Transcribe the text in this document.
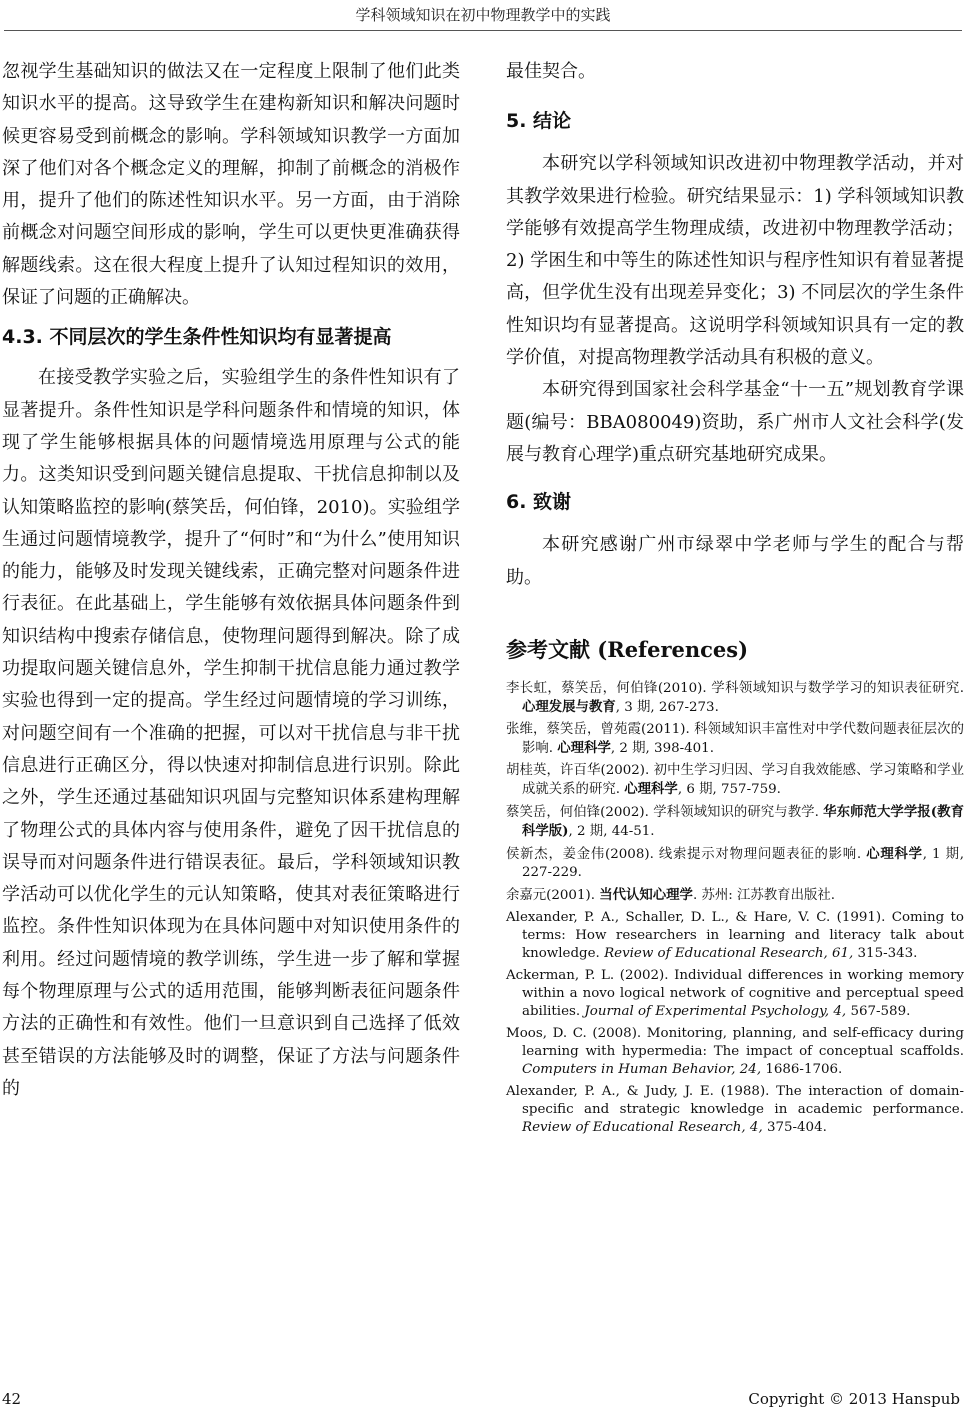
学科领域知识在初中物理教学中的实践

忽视学生基础知识的做法又在一定程度上限制了他们此类知识水平的提高。这导致学生在建构新知识和解决问题时候更容易受到前概念的影响。学科领域知识教学一方面加深了他们对各个概念定义的理解，抑制了前概念的消极作用，提升了他们的陈述性知识水平。另一方面，由于消除前概念对问题空间形成的影响，学生可以更快更准确获得解题线索。这在很大程度上提升了认知过程知识的效用，保证了问题的正确解决。

4.3. 不同层次的学生条件性知识均有显著提高

在接受教学实验之后，实验组学生的条件性知识有了显著提升。条件性知识是学科问题条件和情境的知识，体现了学生能够根据具体的问题情境选用原理与公式的能力。这类知识受到问题关键信息提取、干扰信息抑制以及认知策略监控的影响(蔡笑岳，何伯锋，2010)。实验组学生通过问题情境教学，提升了“何时”和“为什么”使用知识的能力，能够及时发现关键线索，正确完整对问题条件进行表征。在此基础上，学生能够有效依据具体问题条件到知识结构中搜索存储信息，使物理问题得到解决。除了成功提取问题关键信息外，学生抑制干扰信息能力通过教学实验也得到一定的提高。学生经过问题情境的学习训练，对问题空间有一个准确的把握，可以对干扰信息与非干扰信息进行正确区分，得以快速对抑制信息进行识别。除此之外，学生还通过基础知识巩固与完整知识体系建构理解了物理公式的具体内容与使用条件，避免了因干扰信息的误导而对问题条件进行错误表征。最后，学科领域知识教学活动可以优化学生的元认知策略，使其对表征策略进行监控。条件性知识体现为在具体问题中对知识使用条件的利用。经过问题情境的教学训练，学生进一步了解和掌握每个物理原理与公式的适用范围，能够判断表征问题条件方法的正确性和有效性。他们一旦意识到自己选择了低效甚至错误的方法能够及时的调整，保证了方法与问题条件的

最佳契合。

5. 结论

本研究以学科领域知识改进初中物理教学活动，并对其教学效果进行检验。研究结果显示：1) 学科领域知识教学能够有效提高学生物理成绩，改进初中物理教学活动；2) 学困生和中等生的陈述性知识与程序性知识有着显著提高，但学优生没有出现差异变化；3) 不同层次的学生条件性知识均有显著提高。这说明学科领域知识具有一定的教学价值，对提高物理教学活动具有积极的意义。

本研究得到国家社会科学基金“十一五”规划教育学课题(编号：BBA080049)资助，系广州市人文社会科学(发展与教育心理学)重点研究基地研究成果。

6. 致谢

本研究感谢广州市绿翠中学老师与学生的配合与帮助。

参考文献 (References)

李长虹，蔡笑岳，何伯锋(2010). 学科领域知识与数学学习的知识表征研究. 心理发展与教育, 3 期, 267-273.

张维，蔡笑岳，曾苑霞(2011). 科领域知识丰富性对中学代数问题表征层次的影响. 心理科学, 2 期, 398-401.

胡桂英，许百华(2002). 初中生学习归因、学习自我效能感、学习策略和学业成就关系的研究. 心理科学, 6 期, 757-759.

蔡笑岳，何伯锋(2002). 学科领域知识的研究与教学. 华东师范大学学报(教育科学版), 2 期, 44-51.

侯新杰，姜金伟(2008). 线索提示对物理问题表征的影响. 心理科学, 1 期, 227-229.

余嘉元(2001). 当代认知心理学. 苏州: 江苏教育出版社.

Alexander, P. A., Schaller, D. L., & Hare, V. C. (1991). Coming to terms: How researchers in learning and literacy talk about knowledge. Review of Educational Research, 61, 315-343.

Ackerman, P. L. (2002). Individual differences in working memory within a novo logical network of cognitive and perceptual speed abilities. Journal of Experimental Psychology, 4, 567-589.

Moos, D. C. (2008). Monitoring, planning, and self-efficacy during learning with hypermedia: The impact of conceptual scaffolds. Computers in Human Behavior, 24, 1686-1706.

Alexander, P. A., & Judy, J. E. (1988). The interaction of domain-specific and strategic knowledge in academic performance. Review of Educational Research, 4, 375-404.

42	Copyright © 2013 Hanspub
